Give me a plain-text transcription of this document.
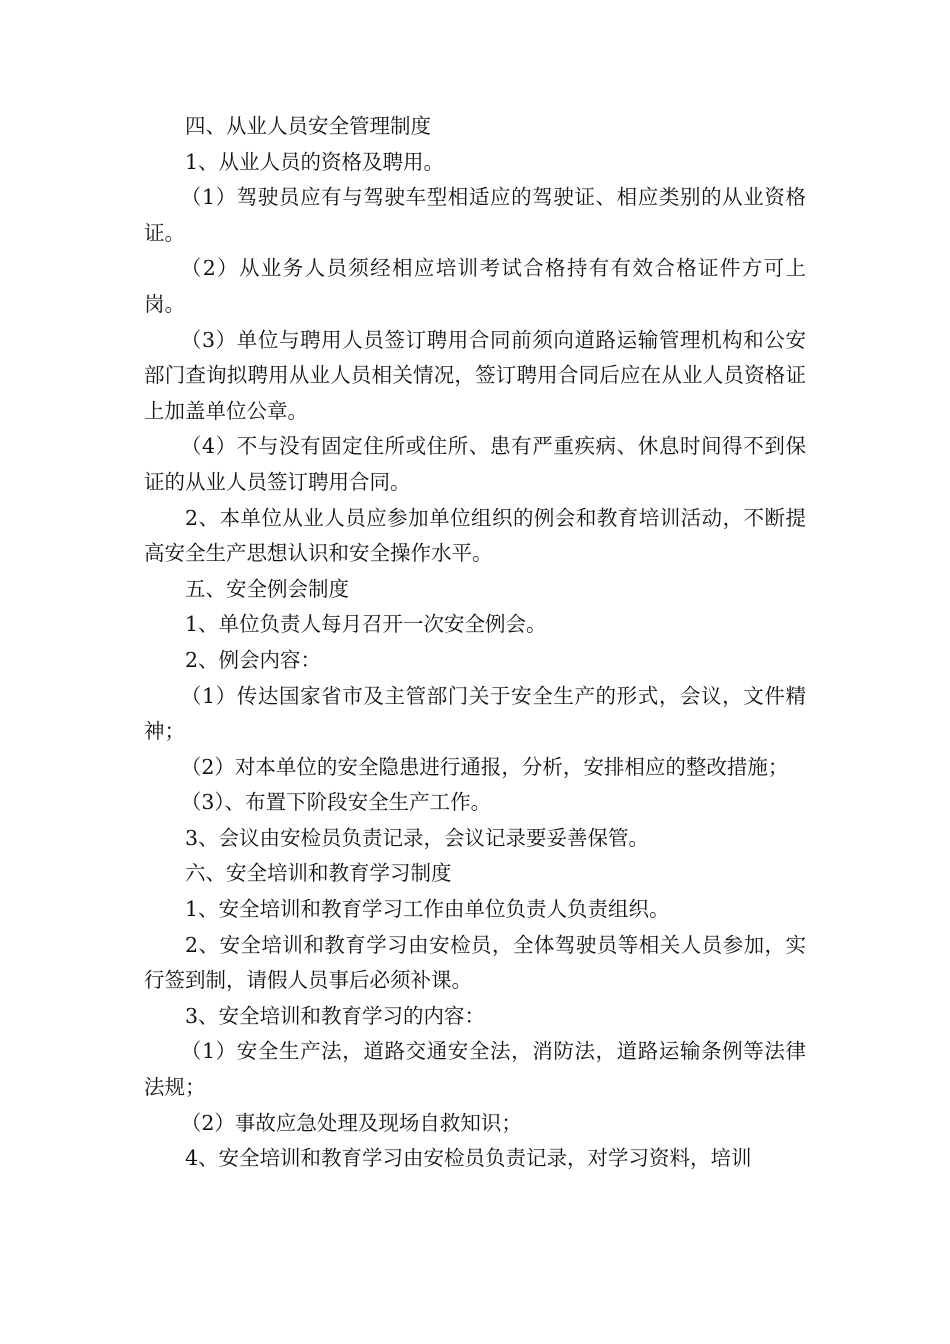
四、从业人员安全管理制度

1、从业人员的资格及聘用。

（1）驾驶员应有与驾驶车型相适应的驾驶证、相应类别的从业资格证。

（2）从业务人员须经相应培训考试合格持有有效合格证件方可上岗。

（3）单位与聘用人员签订聘用合同前须向道路运输管理机构和公安部门查询拟聘用从业人员相关情况，签订聘用合同后应在从业人员资格证上加盖单位公章。

（4）不与没有固定住所或住所、患有严重疾病、休息时间得不到保证的从业人员签订聘用合同。

2、本单位从业人员应参加单位组织的例会和教育培训活动，不断提高安全生产思想认识和安全操作水平。

五、安全例会制度

1、单位负责人每月召开一次安全例会。

2、例会内容：

（1）传达国家省市及主管部门关于安全生产的形式，会议，文件精神；

（2）对本单位的安全隐患进行通报，分析，安排相应的整改措施；

（3）、布置下阶段安全生产工作。

3、会议由安检员负责记录，会议记录要妥善保管。

六、安全培训和教育学习制度

1、安全培训和教育学习工作由单位负责人负责组织。

2、安全培训和教育学习由安检员，全体驾驶员等相关人员参加，实行签到制，请假人员事后必须补课。

3、安全培训和教育学习的内容：

（1）安全生产法，道路交通安全法，消防法，道路运输条例等法律法规；

（2）事故应急处理及现场自救知识；

4、安全培训和教育学习由安检员负责记录，对学习资料，培训
